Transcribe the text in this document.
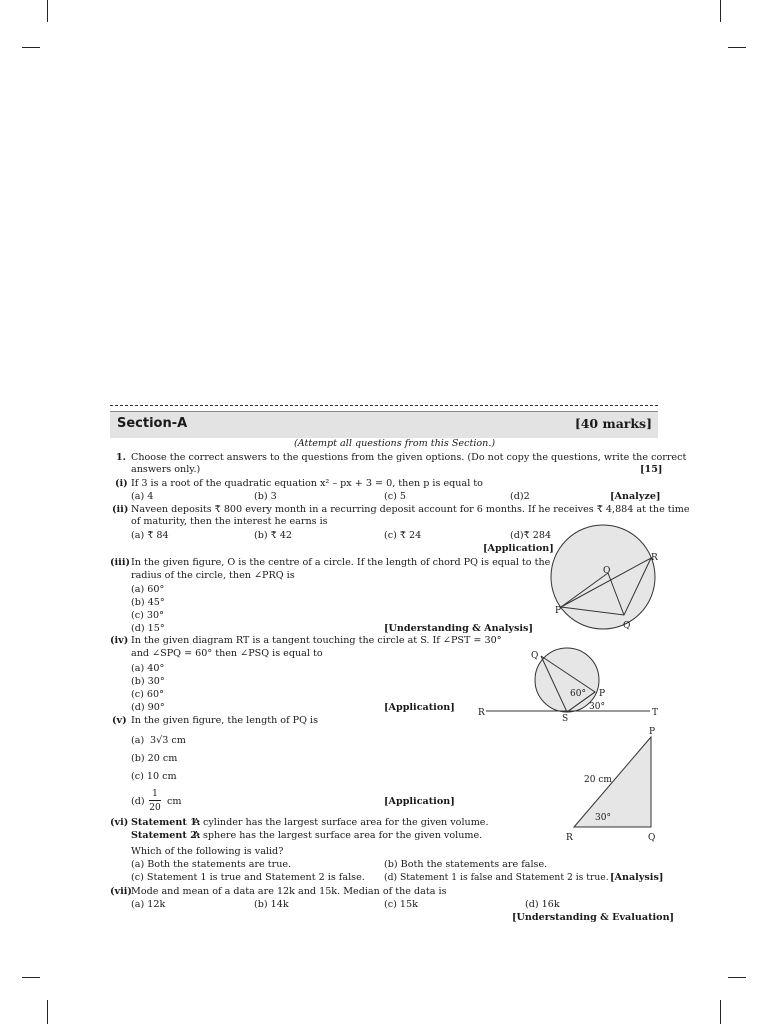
Section-A	[40 marks]
(Attempt all questions from this Section.)
1. Choose the correct answers to the questions from the given options. (Do not copy the questions, write the correct
answers only.)	[15]
(i) If 3 is a root of the quadratic equation x² – px + 3 = 0, then p is equal to
(a) 4	(b) 3	(c) 5	(d)2	[Analyze]
(ii) Naveen deposits ₹ 800 every month in a recurring deposit account for 6 months. If he receives ₹ 4,884 at the time
of maturity, then the interest he earns is
(a) ₹ 84	(b) ₹ 42	(c) ₹ 24	(d)₹ 284
[Application]
(iii) In the given figure, O is the centre of a circle. If the length of chord PQ is equal to the
radius of the circle, then ∠PRQ is
(a) 60°
(b) 45°
(c) 30°
(d) 15°	[Understanding & Analysis]
O
R
P
Q
(iv) In the given diagram RT is a tangent touching the circle at S. If ∠PST = 30°
and ∠SPQ = 60° then ∠PSQ is equal to
(a) 40°
(b) 30°
(c) 60°
(d) 90°	[Application]
Q
P
60°
30°
R
S
T
(v) In the given figure, the length of PQ is
(a) 3√3 cm
(b) 20 cm
(c) 10 cm
(d)
1
20
cm	[Application]
P
20 cm
30°
R	Q
(vi) Statement 1:
A cylinder has the largest surface area for the given volume.
Statement 2:
A sphere has the largest surface area for the given volume.
Which of the following is valid?
(a) Both the statements are true.	(b) Both the statements are false.
(c) Statement 1 is true and Statement 2 is false. (d) Statement 1 is false and Statement 2 is true. [Analysis]
(vii) Mode and mean of a data are 12k and 15k. Median of the data is
(a) 12k	(b) 14k	(c) 15k	(d) 16k
[Understanding & Evaluation]
